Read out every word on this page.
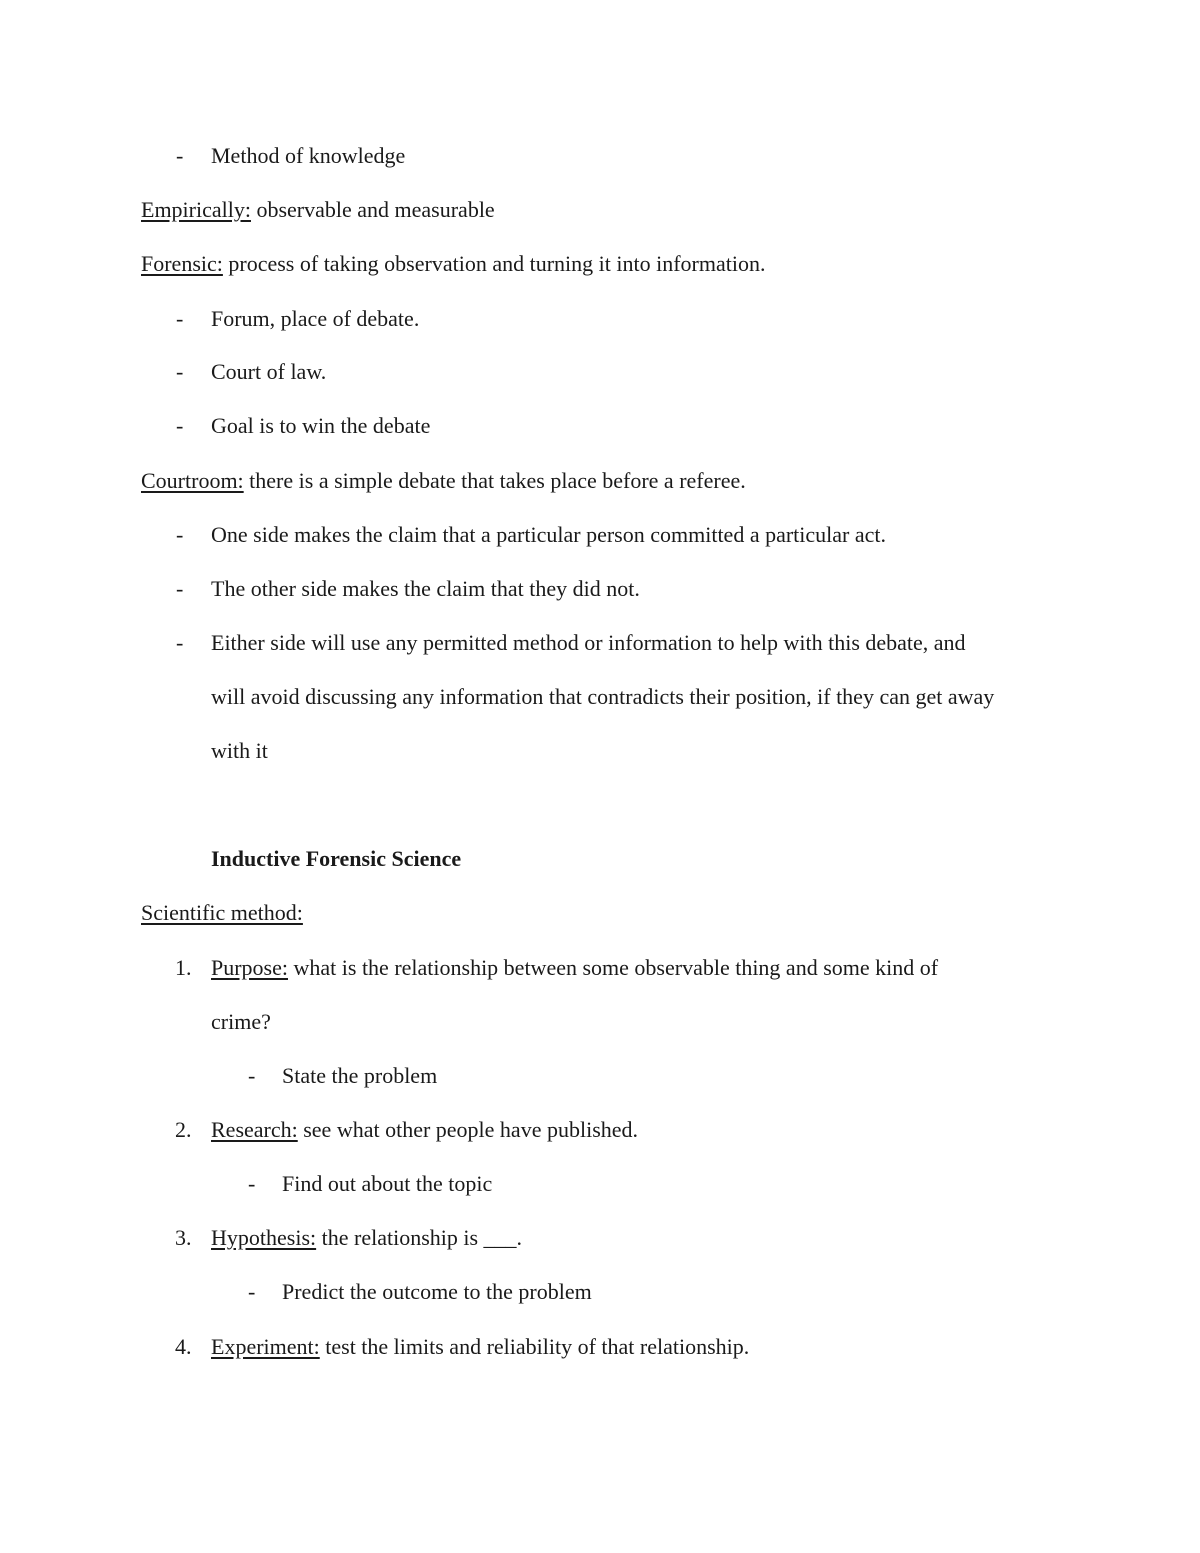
- Method of knowledge
Empirically: observable and measurable
Forensic: process of taking observation and turning it into information.
- Forum, place of debate.
- Court of law.
- Goal is to win the debate
Courtroom: there is a simple debate that takes place before a referee.
- One side makes the claim that a particular person committed a particular act.
- The other side makes the claim that they did not.
- Either side will use any permitted method or information to help with this debate, and
will avoid discussing any information that contradicts their position, if they can get away
with it
Inductive Forensic Science
Scientific method:
1. Purpose: what is the relationship between some observable thing and some kind of
crime?
- State the problem
2. Research: see what other people have published.
- Find out about the topic
3. Hypothesis: the relationship is ___.
- Predict the outcome to the problem
4. Experiment: test the limits and reliability of that relationship.
